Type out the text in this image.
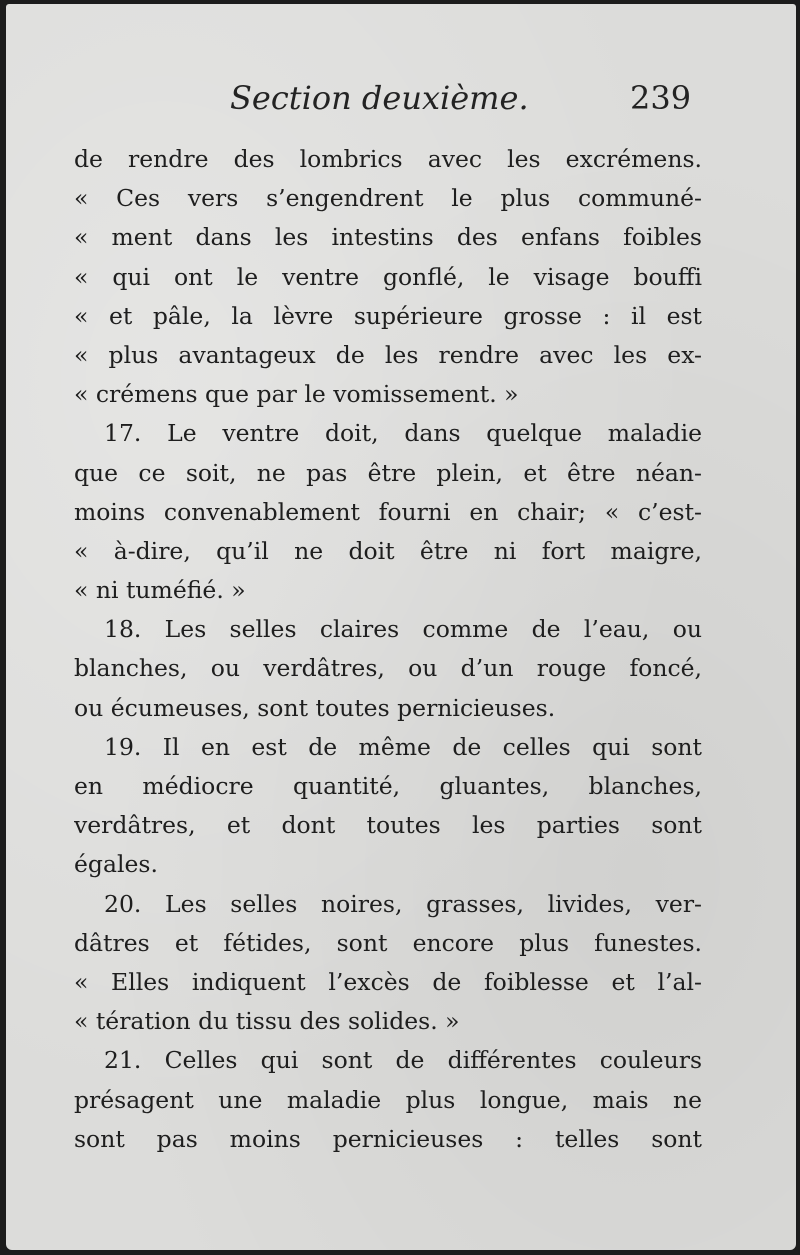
Section deuxième.	239
de rendre des lombrics avec les excrémens.
« Ces vers s’engendrent le plus communé-
« ment dans les intestins des enfans foibles
« qui ont le ventre gonflé, le visage bouffi
« et pâle, la lèvre supérieure grosse : il est
« plus avantageux de les rendre avec les ex-
« crémens que par le vomissement. »
17. Le ventre doit, dans quelque maladie
que ce soit, ne pas être plein, et être néan-
moins convenablement fourni en chair; « c’est-
« à-dire, qu’il ne doit être ni fort maigre,
« ni tuméfié. »
18. Les selles claires comme de l’eau, ou
blanches, ou verdâtres, ou d’un rouge foncé,
ou écumeuses, sont toutes pernicieuses.
19. Il en est de même de celles qui sont
en médiocre quantité, gluantes, blanches,
verdâtres, et dont toutes les parties sont
égales.
20. Les selles noires, grasses, livides, ver-
dâtres et fétides, sont encore plus funestes.
« Elles indiquent l’excès de foiblesse et l’al-
« tération du tissu des solides. »
21. Celles qui sont de différentes couleurs
présagent une maladie plus longue, mais ne
sont pas moins pernicieuses : telles sont
